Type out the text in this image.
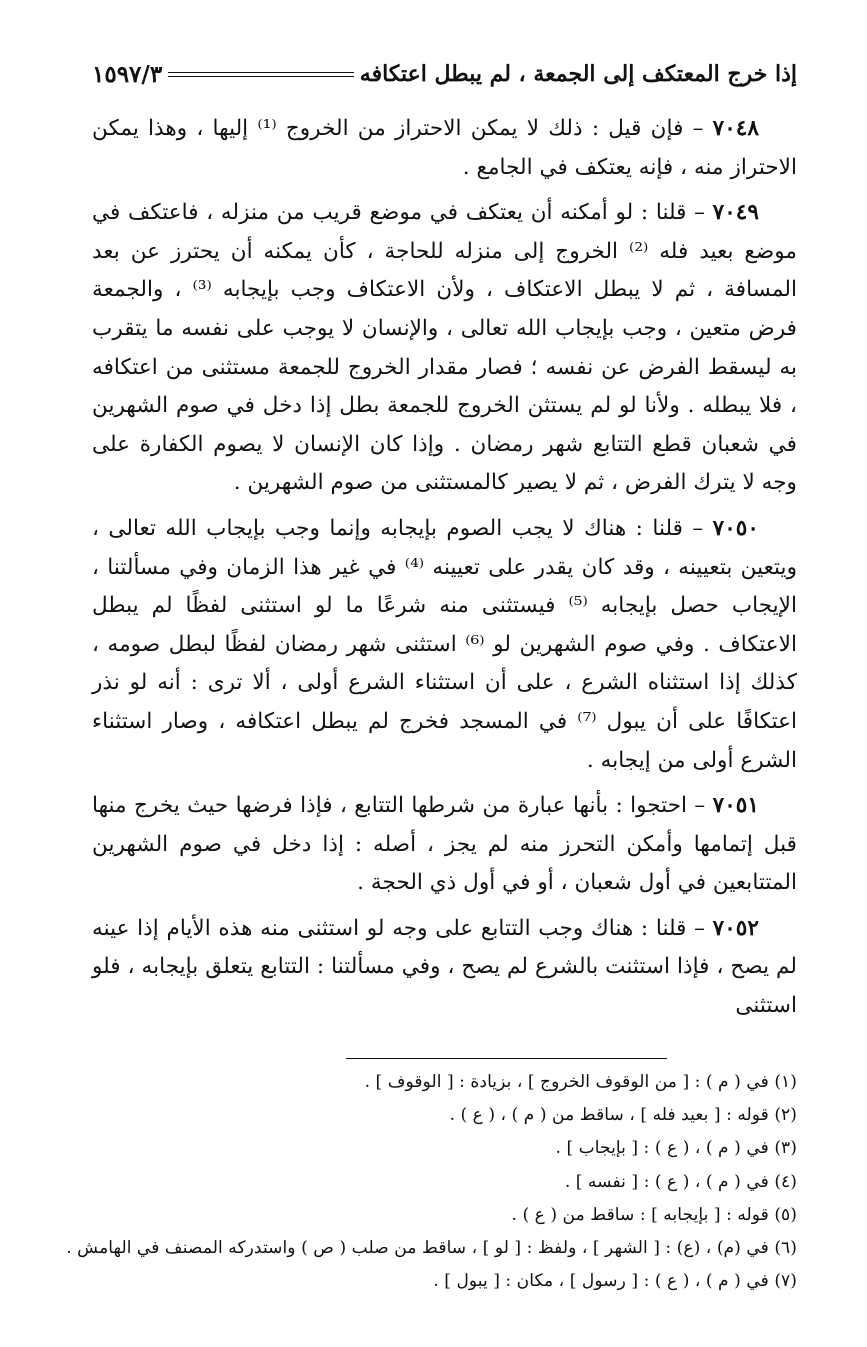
إذا خرج المعتكف إلى الجمعة ، لم يبطل اعتكافه
١٥٩٧/٣

٧٠٤٨ – فإن قيل : ذلك لا يمكن الاحتراز من الخروج ⁽¹⁾ إليها ، وهذا يمكن الاحتراز منه ، فإنه يعتكف في الجامع .

٧٠٤٩ – قلنا : لو أمكنه أن يعتكف في موضع قريب من منزله ، فاعتكف في موضع بعيد فله ⁽²⁾ الخروج إلى منزله للحاجة ، كأن يمكنه أن يحترز عن بعد المسافة ، ثم لا يبطل الاعتكاف ، ولأن الاعتكاف وجب بإيجابه ⁽³⁾ ، والجمعة فرض متعين ، وجب بإيجاب الله تعالى ، والإنسان لا يوجب على نفسه ما يتقرب به ليسقط الفرض عن نفسه ؛ فصار مقدار الخروج للجمعة مستثنى من اعتكافه ، فلا يبطله . ولأنا لو لم يستثن الخروج للجمعة بطل إذا دخل في صوم الشهرين في شعبان قطع التتابع شهر رمضان . وإذا كان الإنسان لا يصوم الكفارة على وجه لا يترك الفرض ، ثم لا يصير كالمستثنى من صوم الشهرين .

٧٠٥٠ – قلنا : هناك لا يجب الصوم بإيجابه وإنما وجب بإيجاب الله تعالى ، ويتعين بتعيينه ، وقد كان يقدر على تعيينه ⁽⁴⁾ في غير هذا الزمان وفي مسألتنا ، الإيجاب حصل بإيجابه ⁽⁵⁾ فيستثنى منه شرعًا ما لو استثنى لفظًا لم يبطل الاعتكاف . وفي صوم الشهرين لو ⁽⁶⁾ استثنى شهر رمضان لفظًا لبطل صومه ، كذلك إذا استثناه الشرع ، على أن استثناء الشرع أولى ، ألا ترى : أنه لو نذر اعتكافًا على أن يبول ⁽⁷⁾ في المسجد فخرج لم يبطل اعتكافه ، وصار استثناء الشرع أولى من إيجابه .

٧٠٥١ – احتجوا : بأنها عبارة من شرطها التتابع ، فإذا فرضها حيث يخرج منها قبل إتمامها وأمكن التحرز منه لم يجز ، أصله : إذا دخل في صوم الشهرين المتتابعين في أول شعبان ، أو في أول ذي الحجة .

٧٠٥٢ – قلنا : هناك وجب التتابع على وجه لو استثنى منه هذه الأيام إذا عينه لم يصح ، فإذا استثنت بالشرع لم يصح ، وفي مسألتنا : التتابع يتعلق بإيجابه ، فلو استثنى

(١) في ( م ) : [ من الوقوف الخروج ] ، بزيادة : [ الوقوف ] .

(٢) قوله : [ بعيد فله ] ، ساقط من ( م ) ، ( ع ) .

(٣) في ( م ) ، ( ع ) : [ بإيجاب ] .

(٤) في ( م ) ، ( ع ) : [ نفسه ] .

(٥) قوله : [ بإيجابه ] : ساقط من ( ع ) .

(٦) في (م) ، (ع) : [ الشهر ] ، ولفظ : [ لو ] ، ساقط من صلب ( ص ) واستدركه المصنف في الهامش .

(٧) في ( م ) ، ( ع ) : [ رسول ] ، مكان : [ يبول ] .
